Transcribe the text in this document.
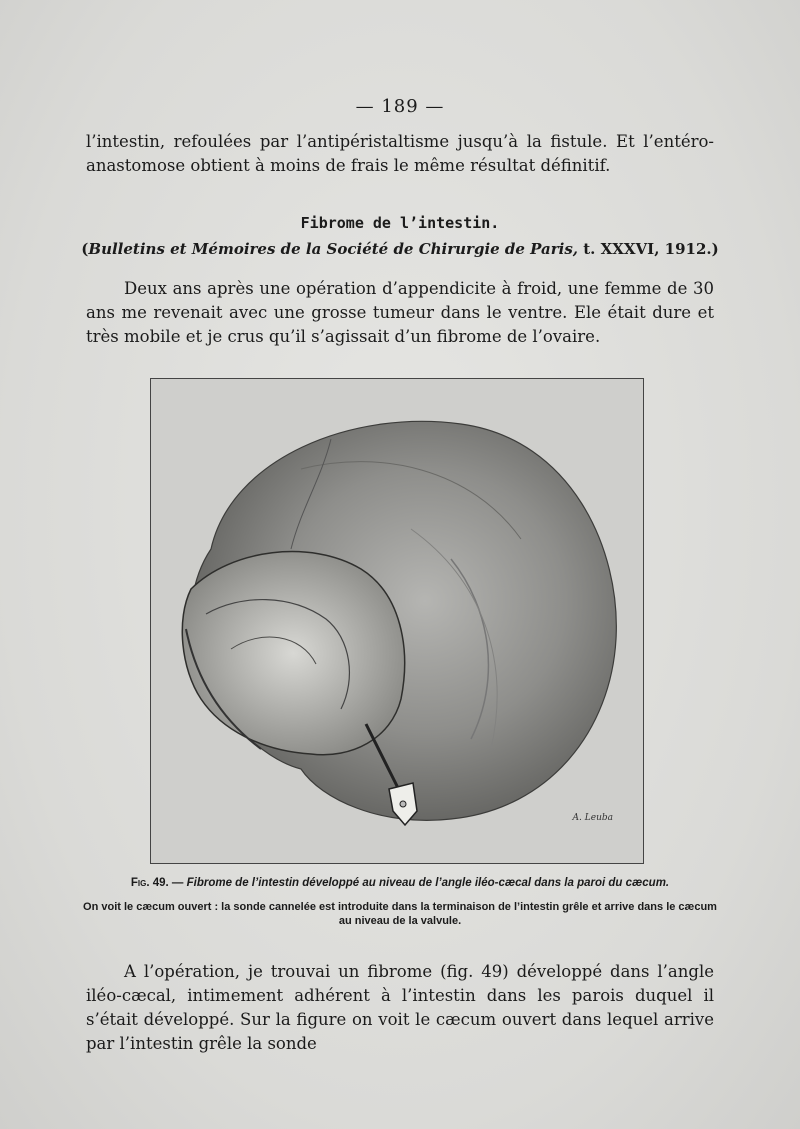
— 189 —
l’intestin, refoulées par l’antipéristaltisme jusqu’à la fistule. Et l’entéro-anastomose obtient à moins de frais le même résultat définitif.
Fibrome de l’intestin.
(Bulletins et Mémoires de la Société de Chirurgie de Paris, t. XXXVI, 1912.)
Deux ans après une opération d’appendicite à froid, une femme de 30 ans me revenait avec une grosse tumeur dans le ventre. Ele était dure et très mobile et je crus qu’il s’agissait d’un fibrome de l’ovaire.
A. Leuba
Fig. 49. — Fibrome de l’intestin développé au niveau de l’angle iléo-cæcal dans la paroi du cæcum.
On voit le cæcum ouvert : la sonde cannelée est introduite dans la terminaison de l’intestin grêle et arrive dans le cæcum au niveau de la valvule.
A l’opération, je trouvai un fibrome (fig. 49) développé dans l’angle iléo-cæcal, intimement adhérent à l’intestin dans les parois duquel il s’était développé. Sur la figure on voit le cæcum ouvert dans lequel arrive par l’intestin grêle la sonde
